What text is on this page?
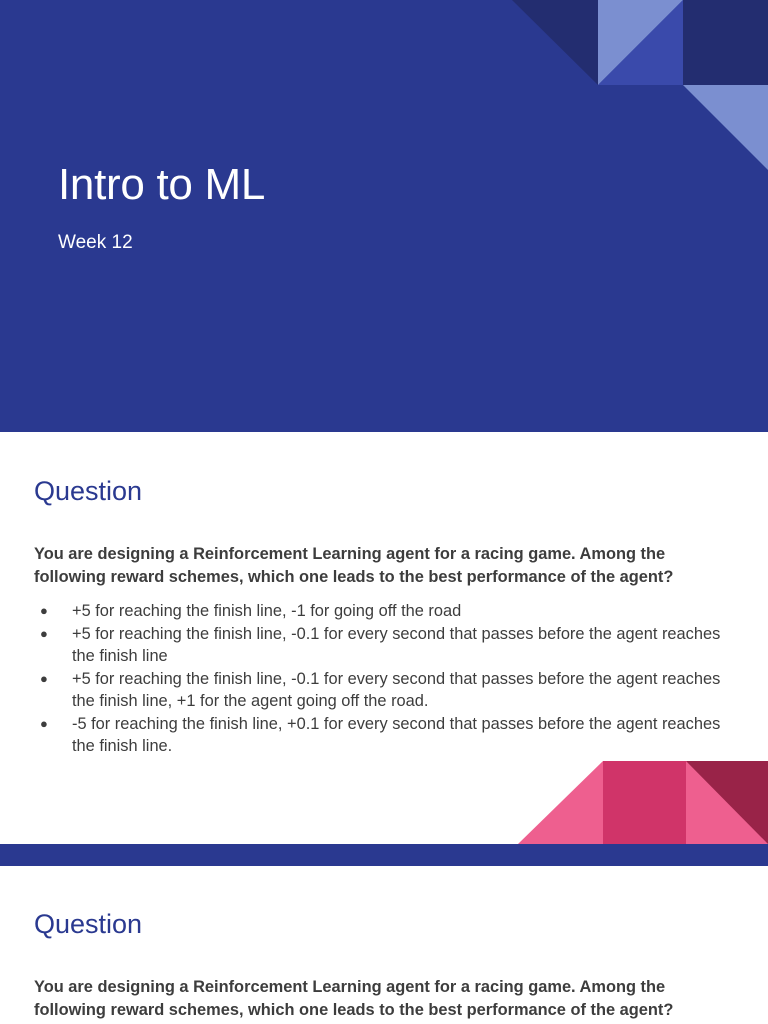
Intro to ML

Week 12

Question

You are designing a Reinforcement Learning agent for a racing game. Among the following reward schemes, which one leads to the best performance of the agent?

● +5 for reaching the finish line, -1 for going off the road
● +5 for reaching the finish line, -0.1 for every second that passes before the agent reaches the finish line
● +5 for reaching the finish line, -0.1 for every second that passes before the agent reaches the finish line, +1 for the agent going off the road.
● -5 for reaching the finish line, +0.1 for every second that passes before the agent reaches the finish line.
Question

You are designing a Reinforcement Learning agent for a racing game. Among the following reward schemes, which one leads to the best performance of the agent?
